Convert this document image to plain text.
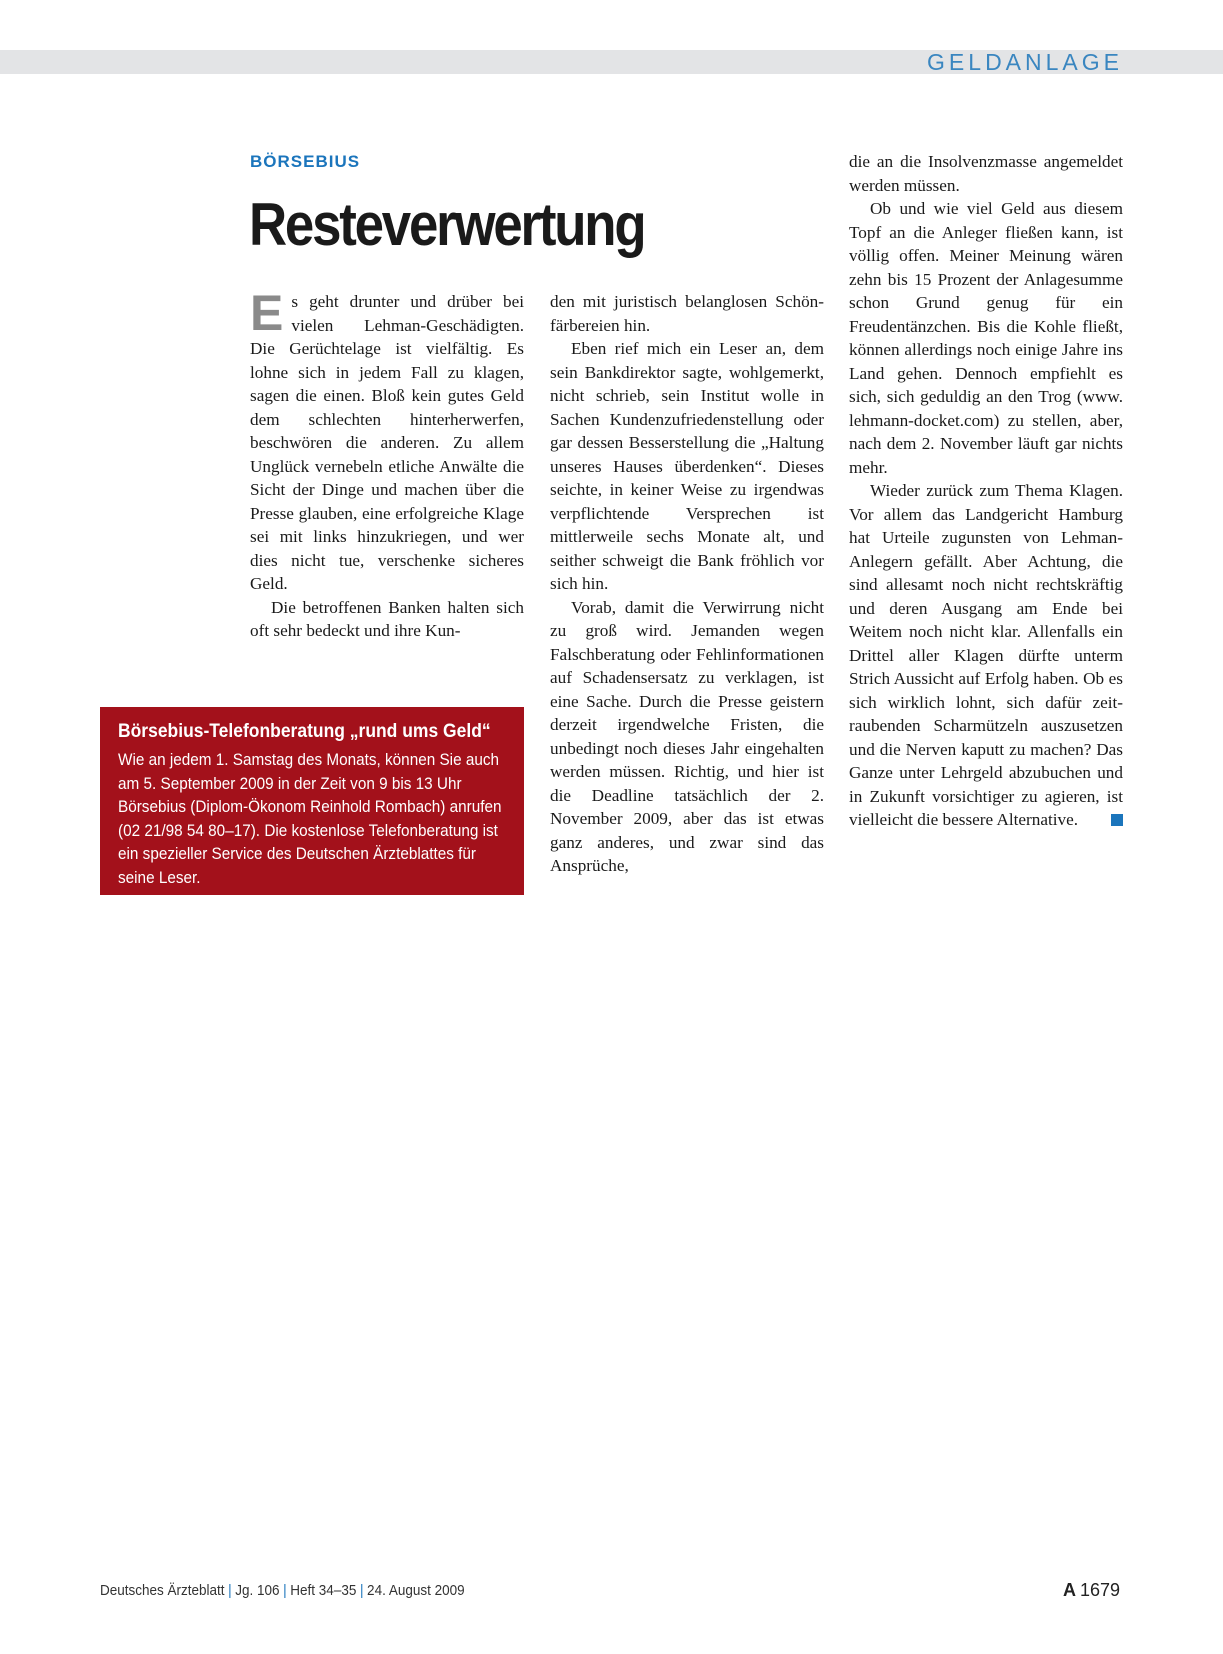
GELDANLAGE
BÖRSEBIUS
Resteverwertung

Es geht drunter und drüber bei vielen Lehman-Geschädigten. Die Gerüchtelage ist vielfältig. Es lohne sich in jedem Fall zu klagen, sagen die einen. Bloß kein gutes Geld dem schlechten hinterherwerfen, beschwören die anderen. Zu allem Unglück vernebeln etliche Anwälte die Sicht der Dinge und machen über die Presse glauben, eine erfolgreiche Klage sei mit links hinzukriegen, und wer dies nicht tue, verschenke sicheres Geld.

Die betroffenen Banken halten sich oft sehr bedeckt und ihre Kun-

den mit juristisch belanglosen Schönfärbereien hin.

Eben rief mich ein Leser an, dem sein Bankdirektor sagte, wohlgemerkt, nicht schrieb, sein Institut wolle in Sachen Kundenzufriedenstellung oder gar dessen Besserstellung die „Haltung unseres Hauses überdenken“. Dieses seichte, in keiner Weise zu irgendwas verpflichtende Versprechen ist mittlerweile sechs Monate alt, und seither schweigt die Bank fröhlich vor sich hin.

Vorab, damit die Verwirrung nicht zu groß wird. Jemanden wegen Falschberatung oder Fehlinformationen auf Schadensersatz zu verklagen, ist eine Sache. Durch die Presse geistern derzeit irgendwelche Fristen, die unbedingt noch dieses Jahr eingehalten werden müssen. Richtig, und hier ist die Deadline tatsächlich der 2. November 2009, aber das ist etwas ganz anderes, und zwar sind das Ansprüche,

die an die Insolvenzmasse angemeldet werden müssen.

Ob und wie viel Geld aus diesem Topf an die Anleger fließen kann, ist völlig offen. Meiner Meinung wären zehn bis 15 Prozent der Anlagesumme schon Grund genug für ein Freudentänzchen. Bis die Kohle fließt, können allerdings noch einige Jahre ins Land gehen. Dennoch empfiehlt es sich, sich geduldig an den Trog (www. lehmann-docket.com) zu stellen, aber, nach dem 2. November läuft gar nichts mehr.

Wieder zurück zum Thema Klagen. Vor allem das Landgericht Hamburg hat Urteile zugunsten von Lehman-Anlegern gefällt. Aber Achtung, die sind allesamt noch nicht rechtskräftig und deren Ausgang am Ende bei Weitem noch nicht klar. Allenfalls ein Drittel aller Klagen dürfte unterm Strich Aussicht auf Erfolg haben. Ob es sich wirklich lohnt, sich dafür zeitraubenden Scharmützeln auszusetzen und die Nerven kaputt zu machen? Das Ganze unter Lehrgeld abzubuchen und in Zukunft vorsichtiger zu agieren, ist vielleicht die bessere Alternative.

Börsebius-Telefonberatung „rund ums Geld“
Wie an jedem 1. Samstag des Monats, können Sie auch am 5. September 2009 in der Zeit von 9 bis 13 Uhr Börsebius (Diplom-Ökonom Reinhold Rombach) anrufen (02 21/98 54 80–17). Die kostenlose Telefonberatung ist ein spezieller Service des Deutschen Ärzteblattes für seine Leser.
Deutsches Ärzteblatt | Jg. 106 | Heft 34–35 | 24. August 2009	A 1679
